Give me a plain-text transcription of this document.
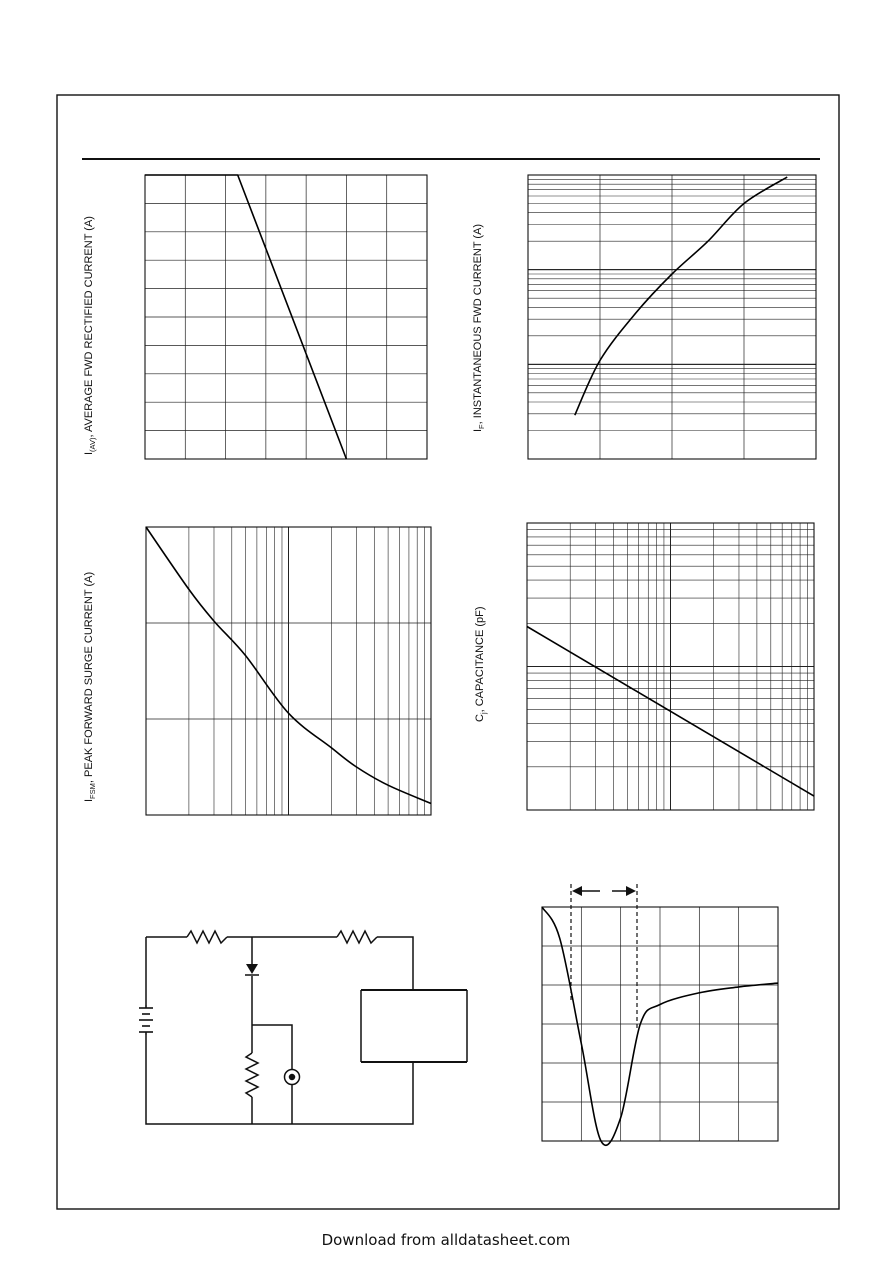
$I_{(AV)}$, AVERAGE FWD RECTIFIED CURRENT (A)	$I_F$, INSTANTANEOUS FWD CURRENT (A)
$I_{FSM}$, PEAK FORWARD SURGE CURRENT (A)	$C_j$, CAPACITANCE (pF)
Download from alldatasheet.com
